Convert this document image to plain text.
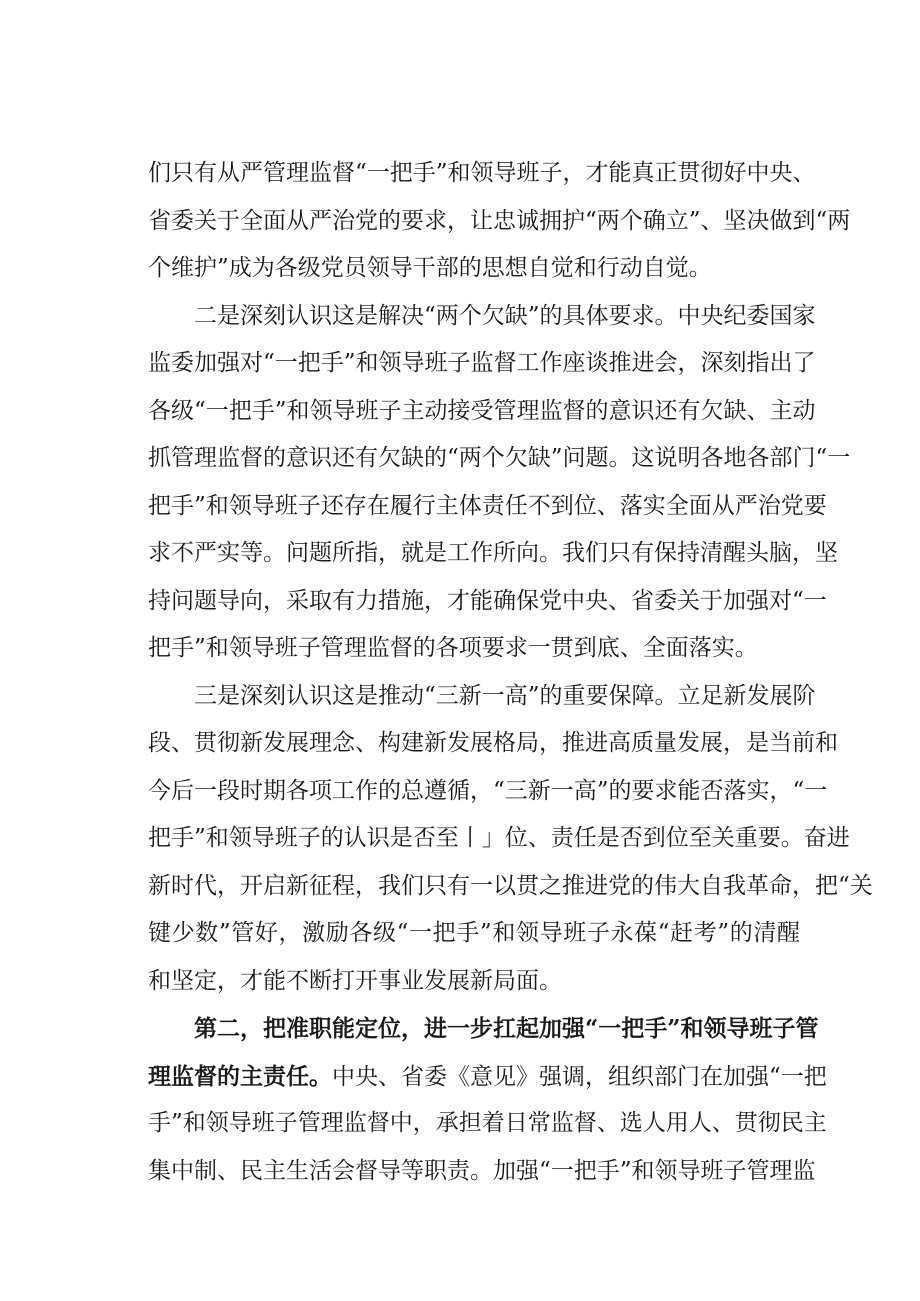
们只有从严管理监督“一把手”和领导班子，才能真正贯彻好中央、
省委关于全面从严治党的要求，让忠诚拥护“两个确立”、坚决做到“两
个维护”成为各级党员领导干部的思想自觉和行动自觉。
二是深刻认识这是解决“两个欠缺”的具体要求。中央纪委国家
监委加强对“一把手”和领导班子监督工作座谈推进会，深刻指出了
各级“一把手”和领导班子主动接受管理监督的意识还有欠缺、主动
抓管理监督的意识还有欠缺的“两个欠缺”问题。这说明各地各部门“一
把手”和领导班子还存在履行主体责任不到位、落实全面从严治党要
求不严实等。问题所指，就是工作所向。我们只有保持清醒头脑，坚
持问题导向，采取有力措施，才能确保党中央、省委关于加强对“一
把手”和领导班子管理监督的各项要求一贯到底、全面落实。
三是深刻认识这是推动“三新一高”的重要保障。立足新发展阶
段、贯彻新发展理念、构建新发展格局，推进高质量发展，是当前和
今后一段时期各项工作的总遵循，“三新一高”的要求能否落实，“一
把手”和领导班子的认识是否至丨」位、责任是否到位至关重要。奋进
新时代，开启新征程，我们只有一以贯之推进党的伟大自我革命，把“关
键少数”管好，激励各级“一把手”和领导班子永葆“赶考”的清醒
和坚定，才能不断打开事业发展新局面。
第二，把准职能定位，进一步扛起加强“一把手”和领导班子管
理监督的主责任。中央、省委《意见》强调，组织部门在加强“一把
手”和领导班子管理监督中，承担着日常监督、选人用人、贯彻民主
集中制、民主生活会督导等职责。加强“一把手”和领导班子管理监
